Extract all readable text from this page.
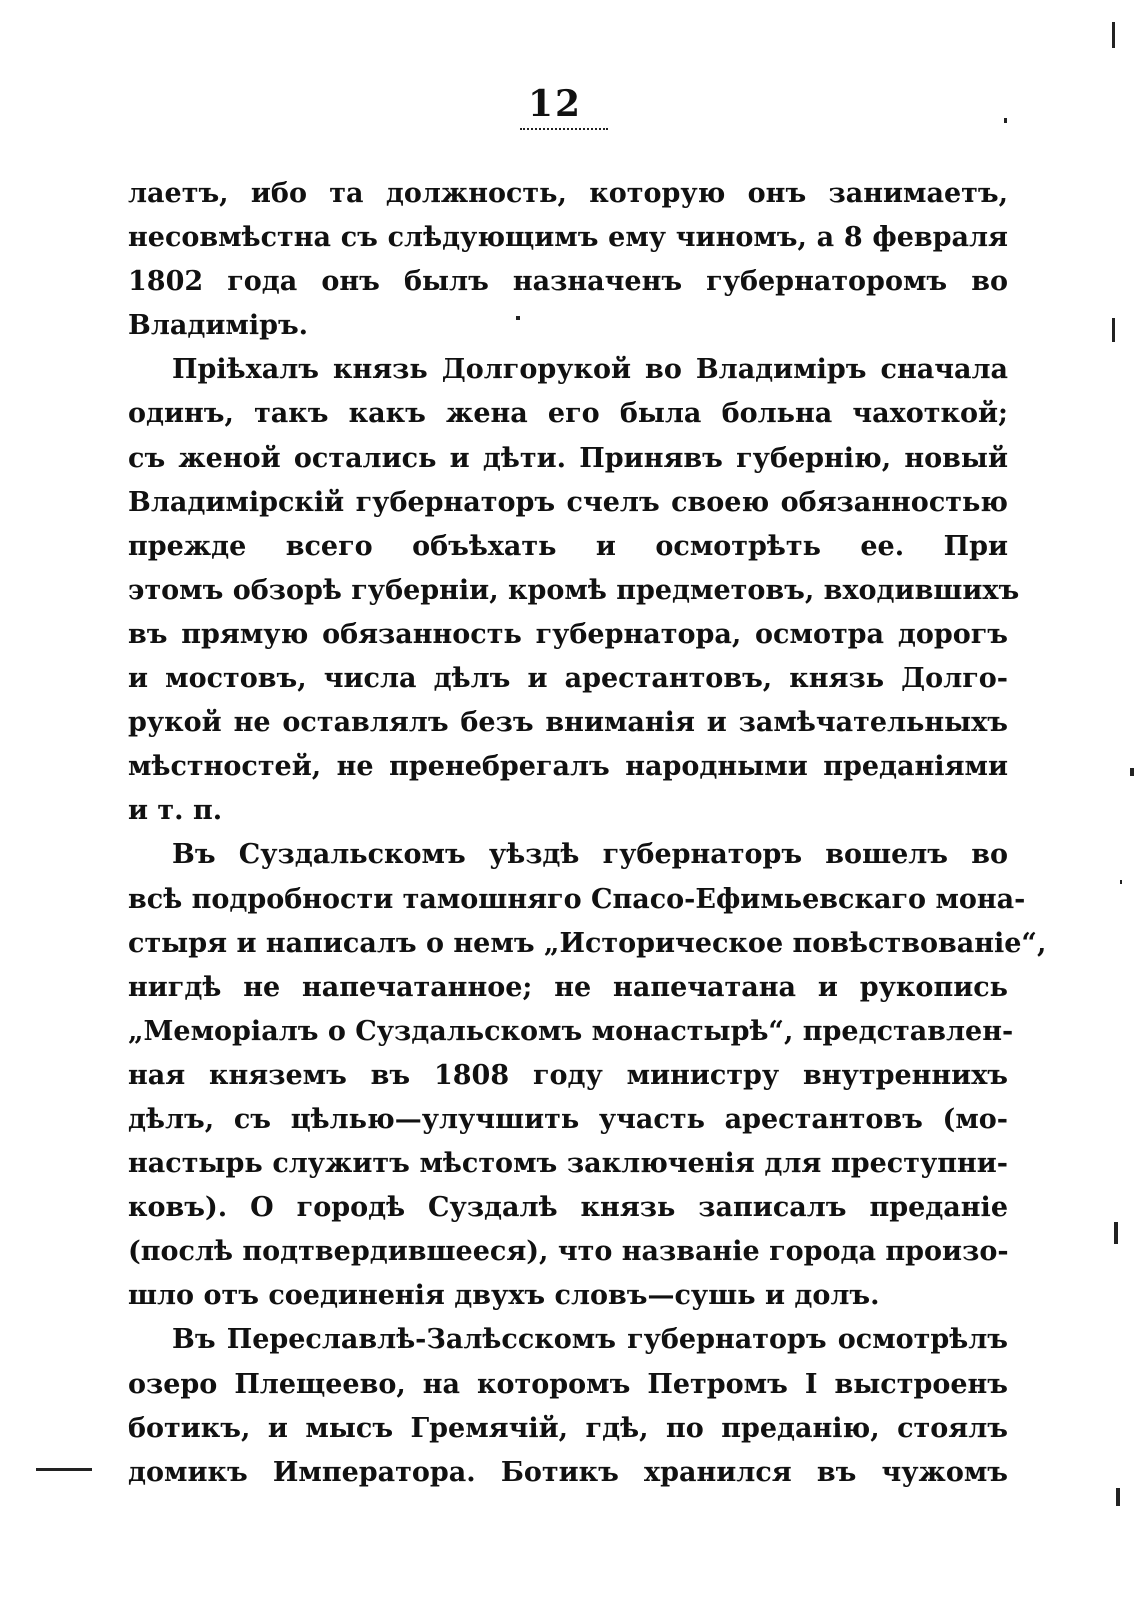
12
лаетъ, ибо та должность, которую онъ занимаетъ,
несовмѣстна съ слѣдующимъ ему чиномъ, а 8 февраля
1802 года онъ былъ назначенъ губернаторомъ во
Владимiръ.
Прiѣхалъ князь Долгорукой во Владимiръ сначала
одинъ, такъ какъ жена его была больна чахоткой;
съ женой остались и дѣти. Принявъ губернiю, новый
Владимiрскiй губернаторъ счелъ своею обязанностью
прежде всего объѣхать и осмотрѣть ее. При
этомъ обзорѣ губернiи, кромѣ предметовъ, входившихъ
въ прямую обязанность губернатора, осмотра дорогъ
и мостовъ, числа дѣлъ и арестантовъ, князь Долго-
рукой не оставлялъ безъ вниманiя и замѣчательныхъ
мѣстностей, не пренебрегалъ народными преданiями
и т. п.
Въ Суздальскомъ уѣздѣ губернаторъ вошелъ во
всѣ подробности тамошняго Спасо-Ефимьевскаго мона-
стыря и написалъ о немъ „Историческое повѣствованiе“,
нигдѣ не напечатанное; не напечатана и рукопись
„Меморiалъ о Суздальскомъ монастырѣ“, представлен-
ная княземъ въ 1808 году министру внутреннихъ
дѣлъ, съ цѣлью—улучшить участь арестантовъ (мо-
настырь служитъ мѣстомъ заключенiя для преступни-
ковъ). О городѣ Суздалѣ князь записалъ преданiе
(послѣ подтвердившееся), что названiе города произо-
шло отъ соединенiя двухъ словъ—сушь и долъ.
Въ Переславлѣ-Залѣсскомъ губернаторъ осмотрѣлъ
озеро Плещеево, на которомъ Петромъ I выстроенъ
ботикъ, и мысъ Гремячiй, гдѣ, по преданiю, стоялъ
домикъ Императора. Ботикъ хранился въ чужомъ
